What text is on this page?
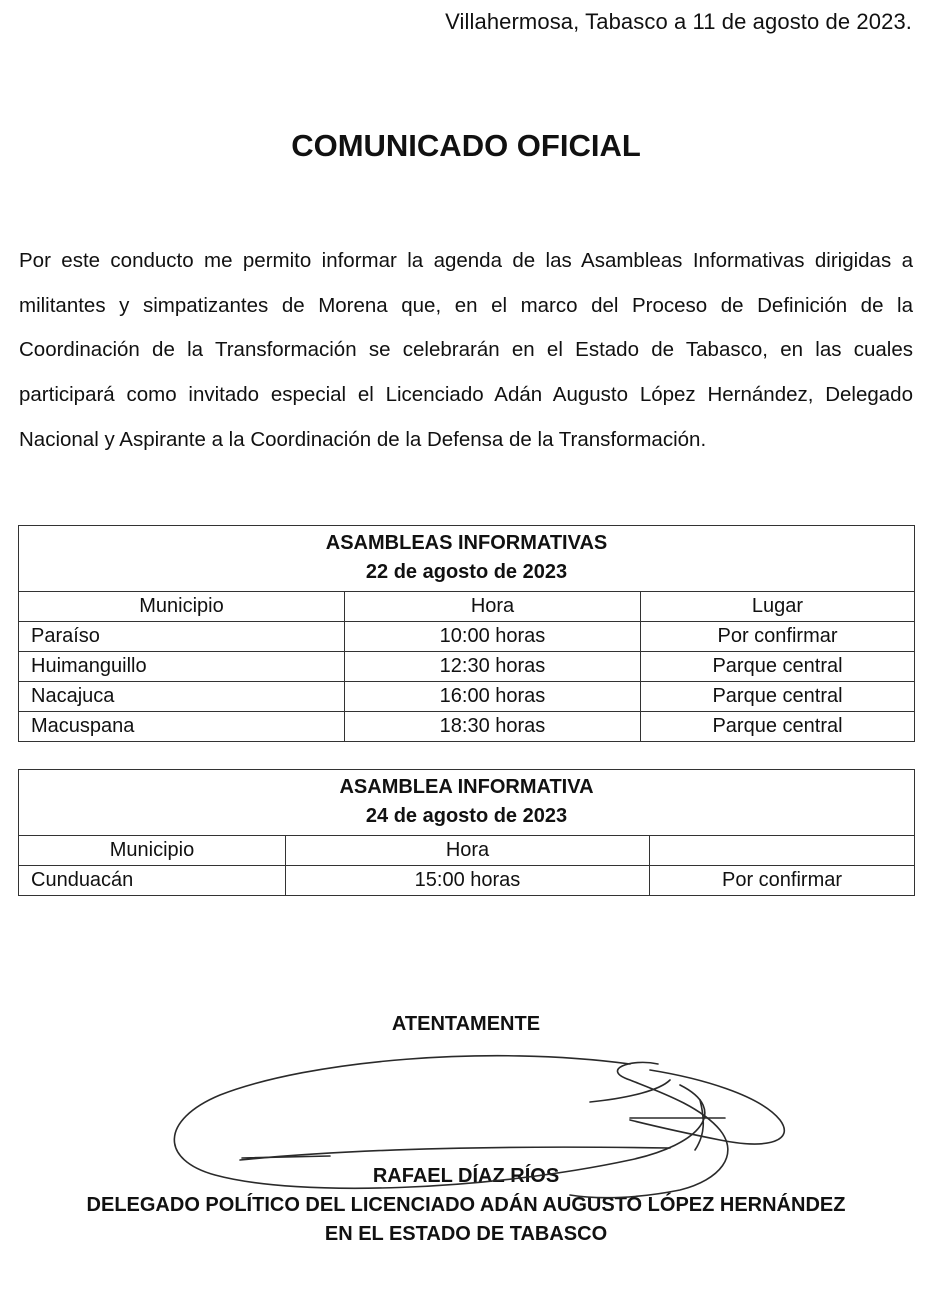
Villahermosa, Tabasco a 11 de agosto de 2023.
COMUNICADO OFICIAL
Por este conducto me permito informar la agenda de las Asambleas Informativas dirigidas a militantes y simpatizantes de Morena que, en el marco del Proceso de Definición de la Coordinación de la Transformación se celebrarán en el Estado de Tabasco, en las cuales participará como invitado especial el Licenciado Adán Augusto López Hernández, Delegado Nacional y Aspirante a la Coordinación de la Defensa de la Transformación.
ASAMBLEAS INFORMATIVAS
22 de agosto de 2023		

Municipio	Hora	Lugar
Paraíso	10:00 horas	Por confirmar
Huimanguillo	12:30 horas	Parque central
Nacajuca	16:00 horas	Parque central
Macuspana	18:30 horas	Parque central
ASAMBLEA INFORMATIVA
24 de agosto de 2023		

Municipio	Hora	
Cunduacán	15:00 horas	Por confirmar
ATENTAMENTE
RAFAEL DÍAZ RÍOS
DELEGADO POLÍTICO DEL LICENCIADO ADÁN AUGUSTO LÓPEZ HERNÁNDEZ
EN EL ESTADO DE TABASCO
